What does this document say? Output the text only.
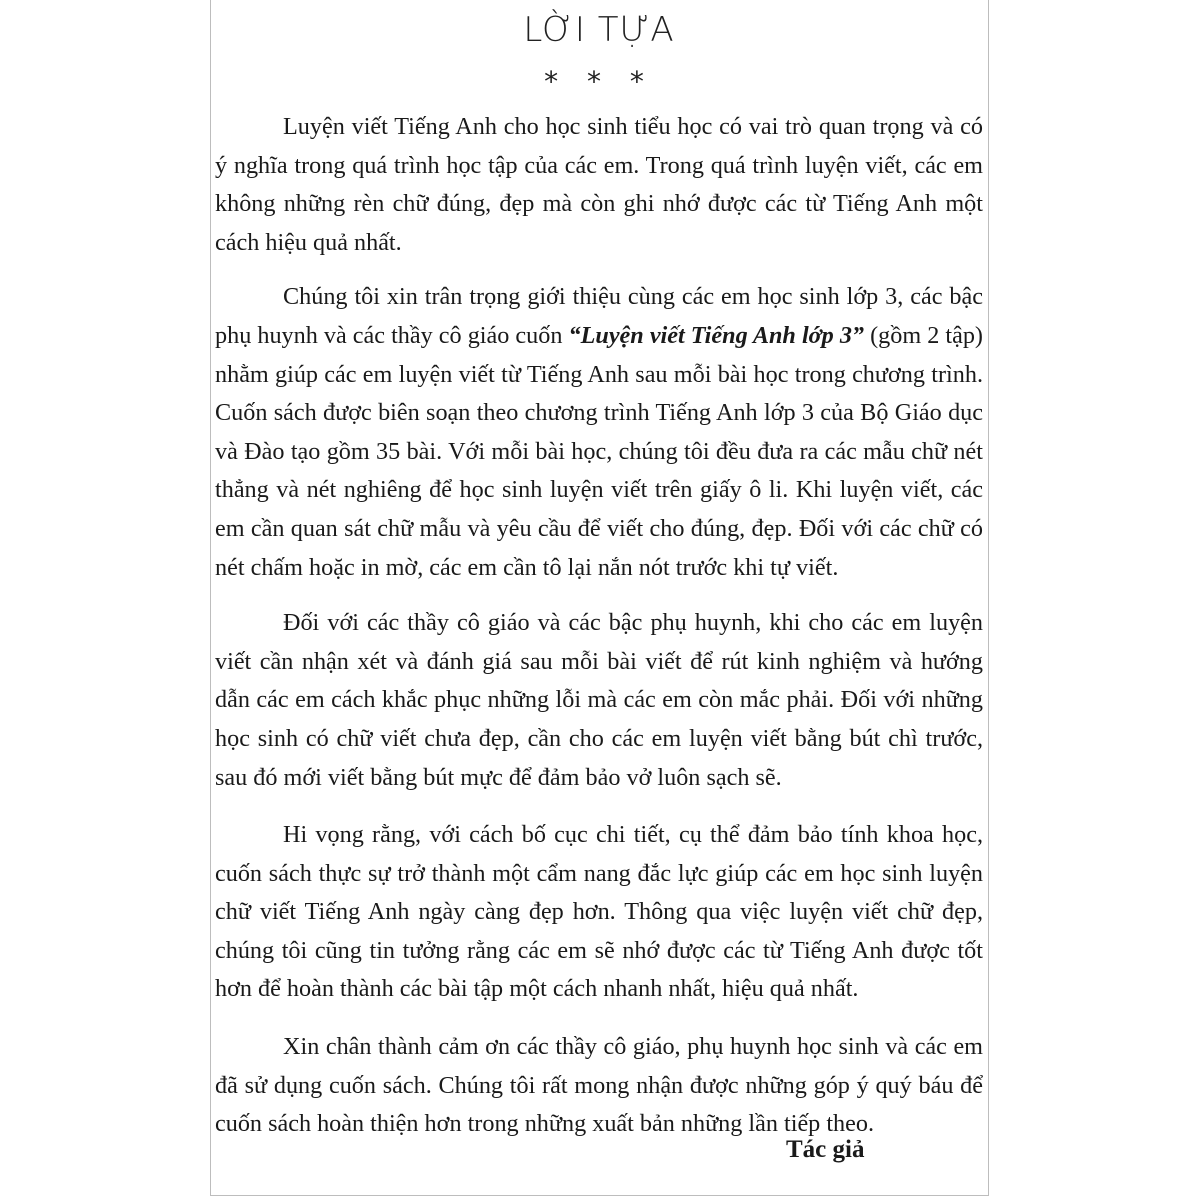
LỜI TỰA
* * *

Luyện viết Tiếng Anh cho học sinh tiểu học có vai trò quan trọng và có ý nghĩa trong quá trình học tập của các em. Trong quá trình luyện viết, các em không những rèn chữ đúng, đẹp mà còn ghi nhớ được các từ Tiếng Anh một cách hiệu quả nhất.

Chúng tôi xin trân trọng giới thiệu cùng các em học sinh lớp 3, các bậc phụ huynh và các thầy cô giáo cuốn “Luyện viết Tiếng Anh lớp 3” (gồm 2 tập) nhằm giúp các em luyện viết từ Tiếng Anh sau mỗi bài học trong chương trình. Cuốn sách được biên soạn theo chương trình Tiếng Anh lớp 3 của Bộ Giáo dục và Đào tạo gồm 35 bài. Với mỗi bài học, chúng tôi đều đưa ra các mẫu chữ nét thẳng và nét nghiêng để học sinh luyện viết trên giấy ô li. Khi luyện viết, các em cần quan sát chữ mẫu và yêu cầu để viết cho đúng, đẹp. Đối với các chữ có nét chấm hoặc in mờ, các em cần tô lại nắn nót trước khi tự viết.

Đối với các thầy cô giáo và các bậc phụ huynh, khi cho các em luyện viết cần nhận xét và đánh giá sau mỗi bài viết để rút kinh nghiệm và hướng dẫn các em cách khắc phục những lỗi mà các em còn mắc phải. Đối với những học sinh có chữ viết chưa đẹp, cần cho các em luyện viết bằng bút chì trước, sau đó mới viết bằng bút mực để đảm bảo vở luôn sạch sẽ.

Hi vọng rằng, với cách bố cục chi tiết, cụ thể đảm bảo tính khoa học, cuốn sách thực sự trở thành một cẩm nang đắc lực giúp các em học sinh luyện chữ viết Tiếng Anh ngày càng đẹp hơn. Thông qua việc luyện viết chữ đẹp, chúng tôi cũng tin tưởng rằng các em sẽ nhớ được các từ Tiếng Anh được tốt hơn để hoàn thành các bài tập một cách nhanh nhất, hiệu quả nhất.

Xin chân thành cảm ơn các thầy cô giáo, phụ huynh học sinh và các em đã sử dụng cuốn sách. Chúng tôi rất mong nhận được những góp ý quý báu để cuốn sách hoàn thiện hơn trong những xuất bản những lần tiếp theo.

Tác giả
